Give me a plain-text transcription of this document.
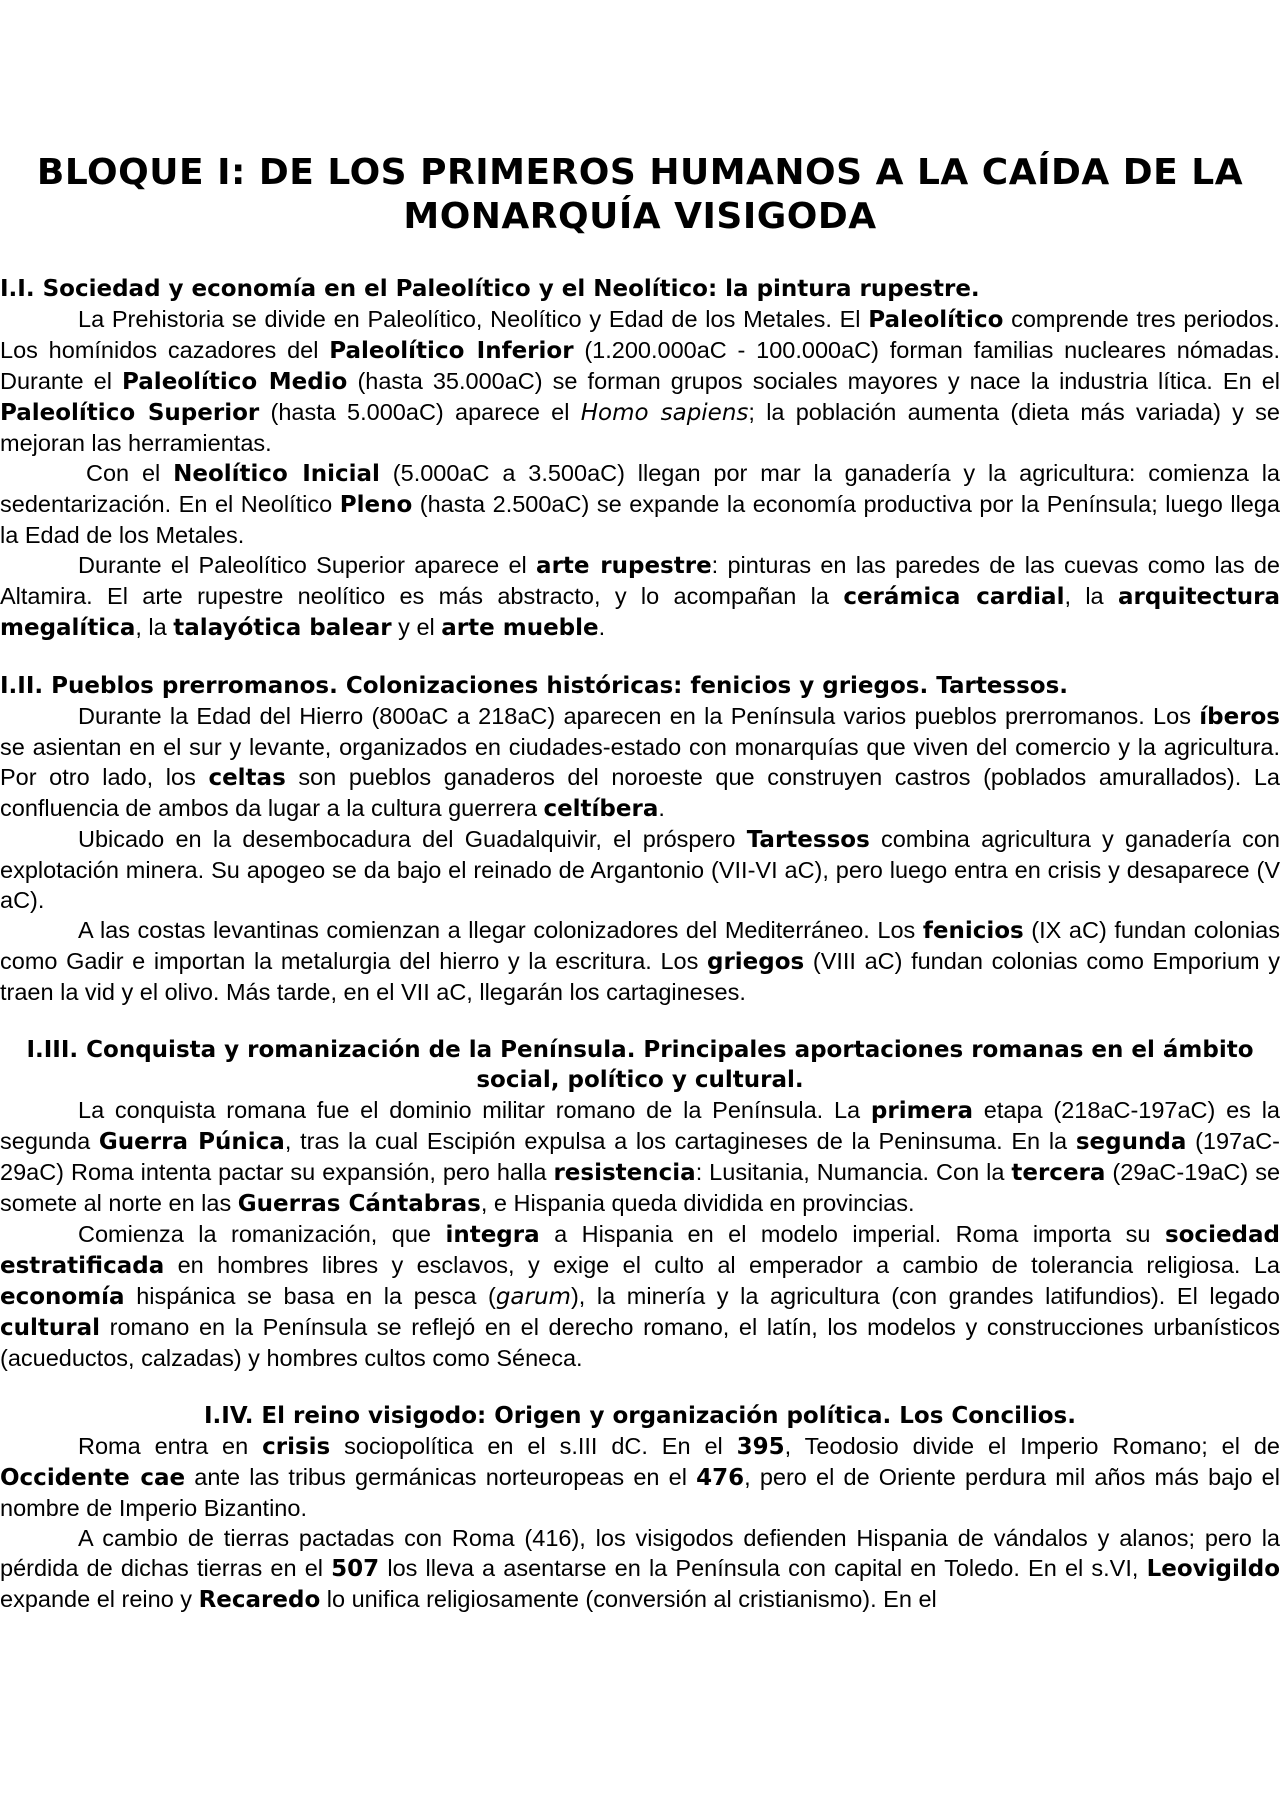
BLOQUE I: DE LOS PRIMEROS HUMANOS A LA CAÍDA DE LA MONARQUÍA VISIGODA
I.I. Sociedad y economía en el Paleolítico y el Neolítico: la pintura rupestre.

La Prehistoria se divide en Paleolítico, Neolítico y Edad de los Metales. El Paleolítico comprende tres periodos. Los homínidos cazadores del Paleolítico Inferior (1.200.000aC - 100.000aC) forman familias nucleares nómadas. Durante el Paleolítico Medio (hasta 35.000aC) se forman grupos sociales mayores y nace la industria lítica. En el Paleolítico Superior (hasta 5.000aC) aparece el Homo sapiens; la población aumenta (dieta más variada) y se mejoran las herramientas.

Con el Neolítico Inicial (5.000aC a 3.500aC) llegan por mar la ganadería y la agricultura: comienza la sedentarización. En el Neolítico Pleno (hasta 2.500aC) se expande la economía productiva por la Península; luego llega la Edad de los Metales.

Durante el Paleolítico Superior aparece el arte rupestre: pinturas en las paredes de las cuevas como las de Altamira. El arte rupestre neolítico es más abstracto, y lo acompañan la cerámica cardial, la arquitectura megalítica, la talayótica balear y el arte mueble.

I.II. Pueblos prerromanos. Colonizaciones históricas: fenicios y griegos. Tartessos.

Durante la Edad del Hierro (800aC a 218aC) aparecen en la Península varios pueblos prerromanos. Los íberos se asientan en el sur y levante, organizados en ciudades-estado con monarquías que viven del comercio y la agricultura. Por otro lado, los celtas son pueblos ganaderos del noroeste que construyen castros (poblados amurallados). La confluencia de ambos da lugar a la cultura guerrera celtíbera.

Ubicado en la desembocadura del Guadalquivir, el próspero Tartessos combina agricultura y ganadería con explotación minera. Su apogeo se da bajo el reinado de Argantonio (VII-VI aC), pero luego entra en crisis y desaparece (V aC).

A las costas levantinas comienzan a llegar colonizadores del Mediterráneo. Los fenicios (IX aC) fundan colonias como Gadir e importan la metalurgia del hierro y la escritura. Los griegos (VIII aC) fundan colonias como Emporium y traen la vid y el olivo. Más tarde, en el VII aC, llegarán los cartagineses.

I.III. Conquista y romanización de la Península. Principales aportaciones romanas en el ámbito social, político y cultural.

La conquista romana fue el dominio militar romano de la Península. La primera etapa (218aC-197aC) es la segunda Guerra Púnica, tras la cual Escipión expulsa a los cartagineses de la Peninsuma. En la segunda (197aC-29aC) Roma intenta pactar su expansión, pero halla resistencia: Lusitania, Numancia. Con la tercera (29aC-19aC) se somete al norte en las Guerras Cántabras, e Hispania queda dividida en provincias.

Comienza la romanización, que integra a Hispania en el modelo imperial. Roma importa su sociedad estratificada en hombres libres y esclavos, y exige el culto al emperador a cambio de tolerancia religiosa. La economía hispánica se basa en la pesca (garum), la minería y la agricultura (con grandes latifundios). El legado cultural romano en la Península se reflejó en el derecho romano, el latín, los modelos y construcciones urbanísticos (acueductos, calzadas) y hombres cultos como Séneca.

I.IV. El reino visigodo: Origen y organización política. Los Concilios.

Roma entra en crisis sociopolítica en el s.III dC. En el 395, Teodosio divide el Imperio Romano; el de Occidente cae ante las tribus germánicas norteuropeas en el 476, pero el de Oriente perdura mil años más bajo el nombre de Imperio Bizantino.

A cambio de tierras pactadas con Roma (416), los visigodos defienden Hispania de vándalos y alanos; pero la pérdida de dichas tierras en el 507 los lleva a asentarse en la Península con capital en Toledo. En el s.VI, Leovigildo expande el reino y Recaredo lo unifica religiosamente (conversión al cristianismo). En el
